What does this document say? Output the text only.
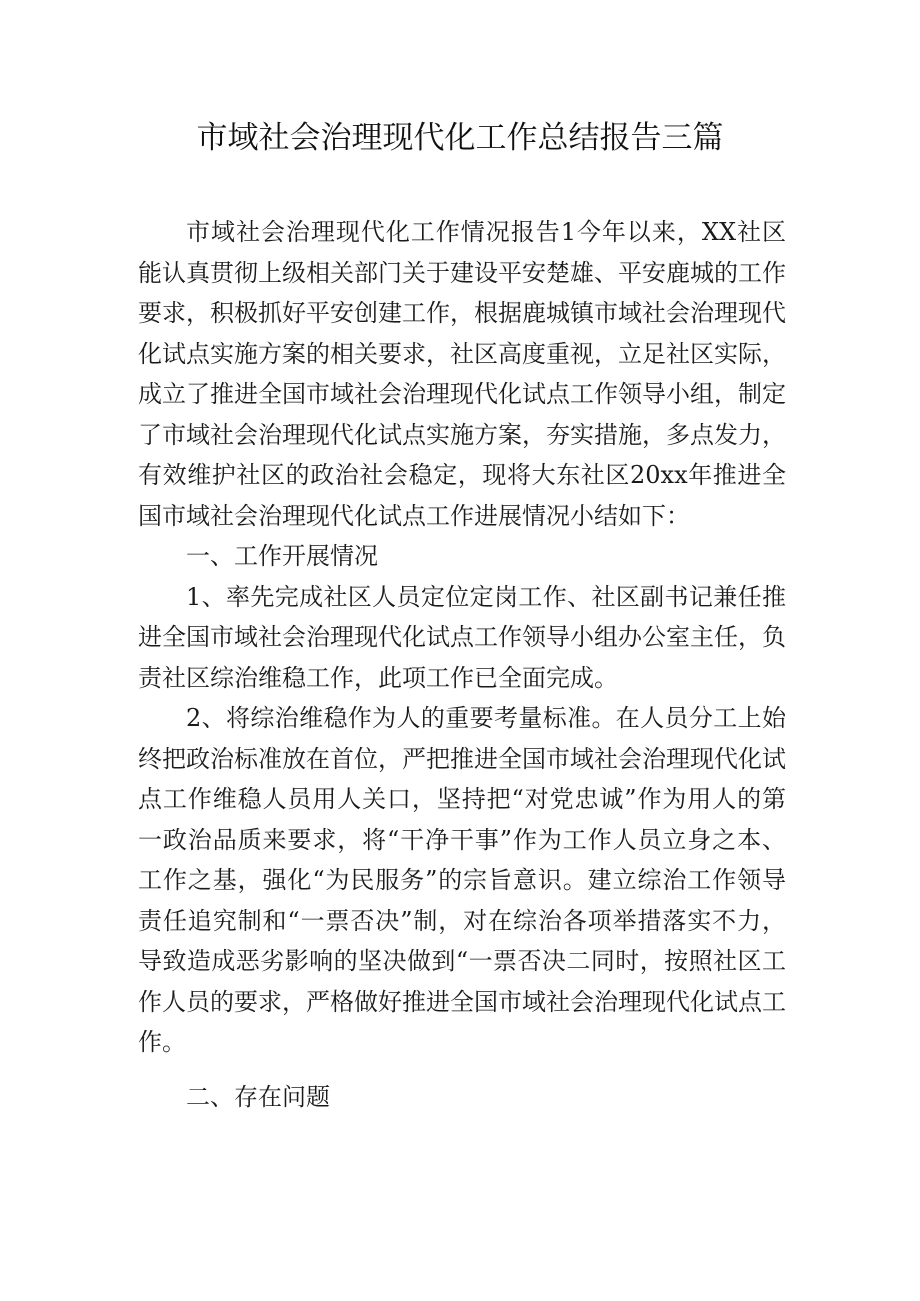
市域社会治理现代化工作总结报告三篇

市域社会治理现代化工作情况报告1今年以来，XX社区能认真贯彻上级相关部门关于建设平安楚雄、平安鹿城的工作要求，积极抓好平安创建工作，根据鹿城镇市域社会治理现代化试点实施方案的相关要求，社区高度重视，立足社区实际，成立了推进全国市域社会治理现代化试点工作领导小组，制定了市域社会治理现代化试点实施方案，夯实措施，多点发力，有效维护社区的政治社会稳定，现将大东社区20xx年推进全国市域社会治理现代化试点工作进展情况小结如下：

一、工作开展情况

1、率先完成社区人员定位定岗工作、社区副书记兼任推进全国市域社会治理现代化试点工作领导小组办公室主任，负责社区综治维稳工作，此项工作已全面完成。

2、将综治维稳作为人的重要考量标准。在人员分工上始终把政治标准放在首位，严把推进全国市域社会治理现代化试点工作维稳人员用人关口，坚持把“对党忠诚”作为用人的第一政治品质来要求，将“干净干事”作为工作人员立身之本、工作之基，强化“为民服务”的宗旨意识。建立综治工作领导责任追究制和“一票否决”制，对在综治各项举措落实不力，导致造成恶劣影响的坚决做到“一票否决二同时，按照社区工作人员的要求，严格做好推进全国市域社会治理现代化试点工作。

二、存在问题
